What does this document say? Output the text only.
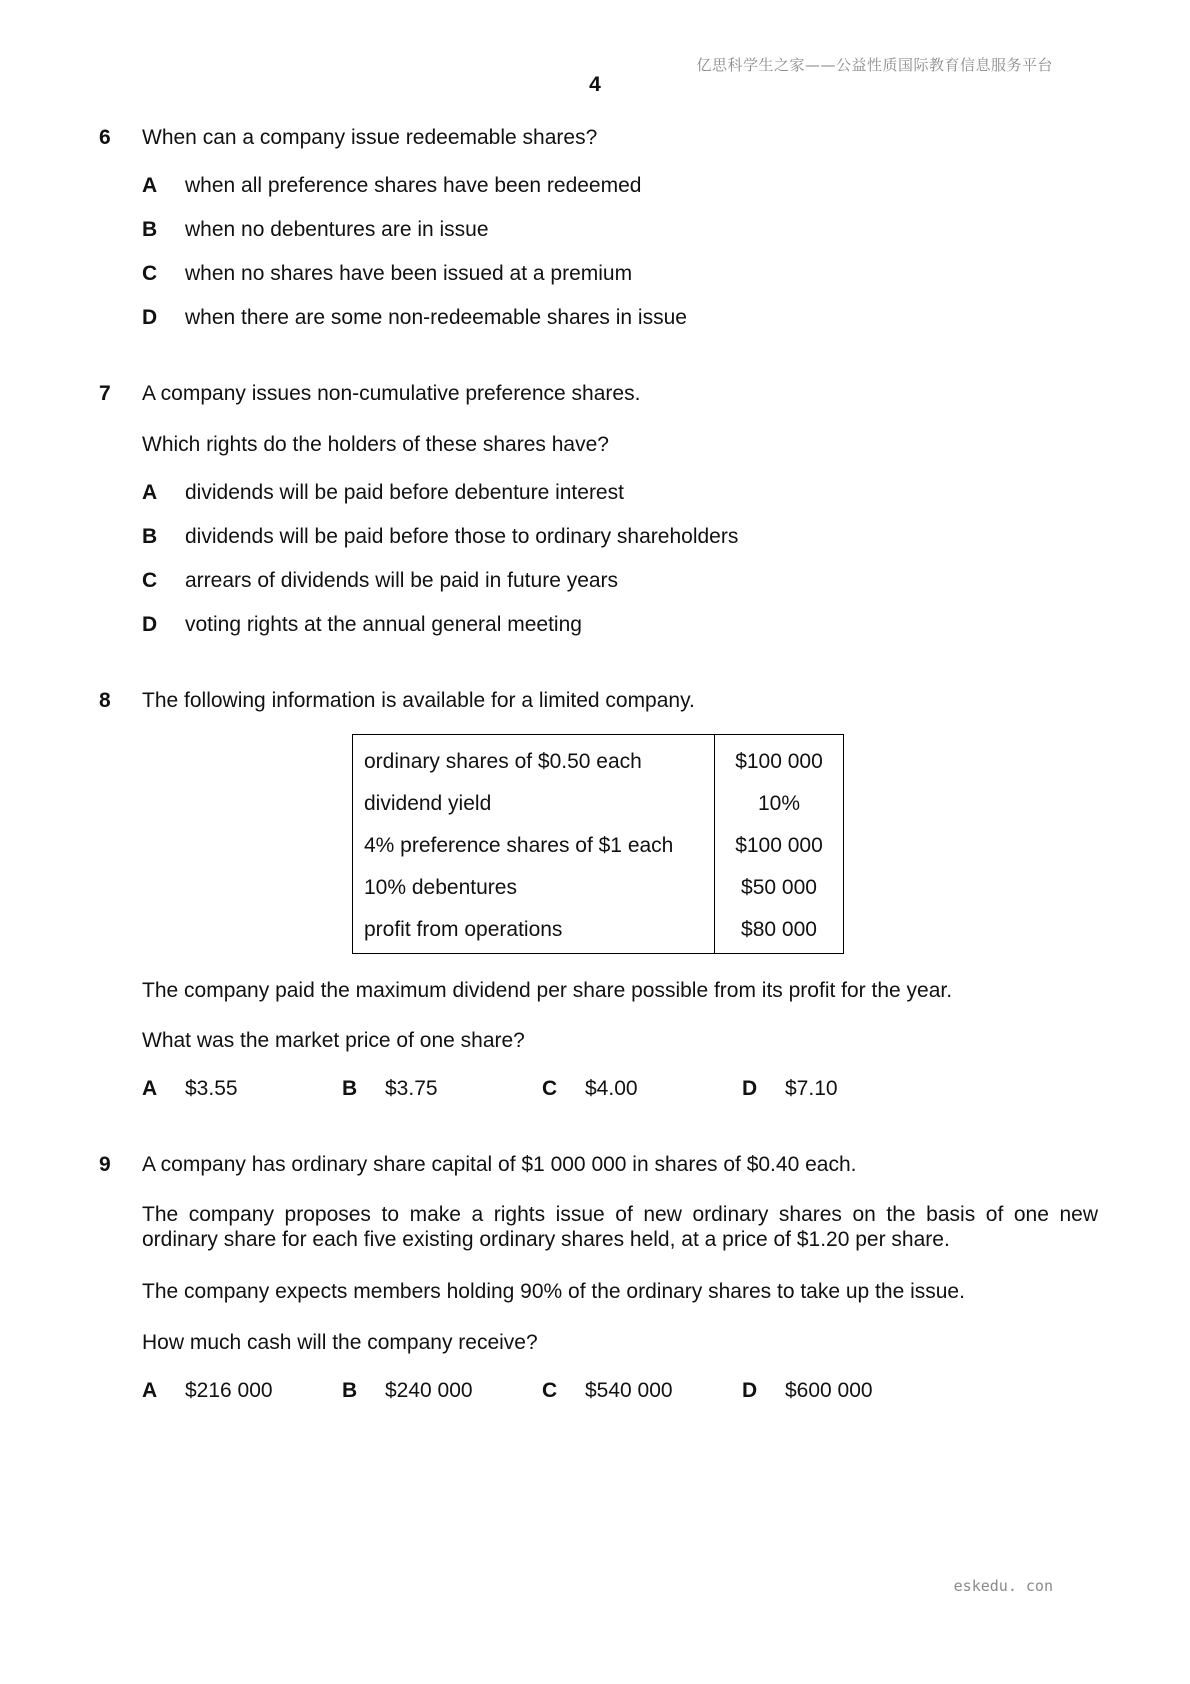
亿思科学生之家——公益性质国际教育信息服务平台
4
6 When can a company issue redeemable shares?
A when all preference shares have been redeemed
B when no debentures are in issue
C when no shares have been issued at a premium
D when there are some non-redeemable shares in issue
7 A company issues non-cumulative preference shares.
Which rights do the holders of these shares have?
A dividends will be paid before debenture interest
B dividends will be paid before those to ordinary shareholders
C arrears of dividends will be paid in future years
D voting rights at the annual general meeting
8 The following information is available for a limited company.
ordinary shares of $0.50 each	$100 000
dividend yield	10%
4% preference shares of $1 each	$100 000
10% debentures	$50 000
profit from operations	$80 000
The company paid the maximum dividend per share possible from its profit for the year.
What was the market price of one share?
A $3.55	B $3.75	C $4.00	D $7.10
9 A company has ordinary share capital of $1 000 000 in shares of $0.40 each.
The company proposes to make a rights issue of new ordinary shares on the basis of one new ordinary share for each five existing ordinary shares held, at a price of $1.20 per share.
The company expects members holding 90% of the ordinary shares to take up the issue.
How much cash will the company receive?
A $216 000	B $240 000	C $540 000	D $600 000
eskedu. con
